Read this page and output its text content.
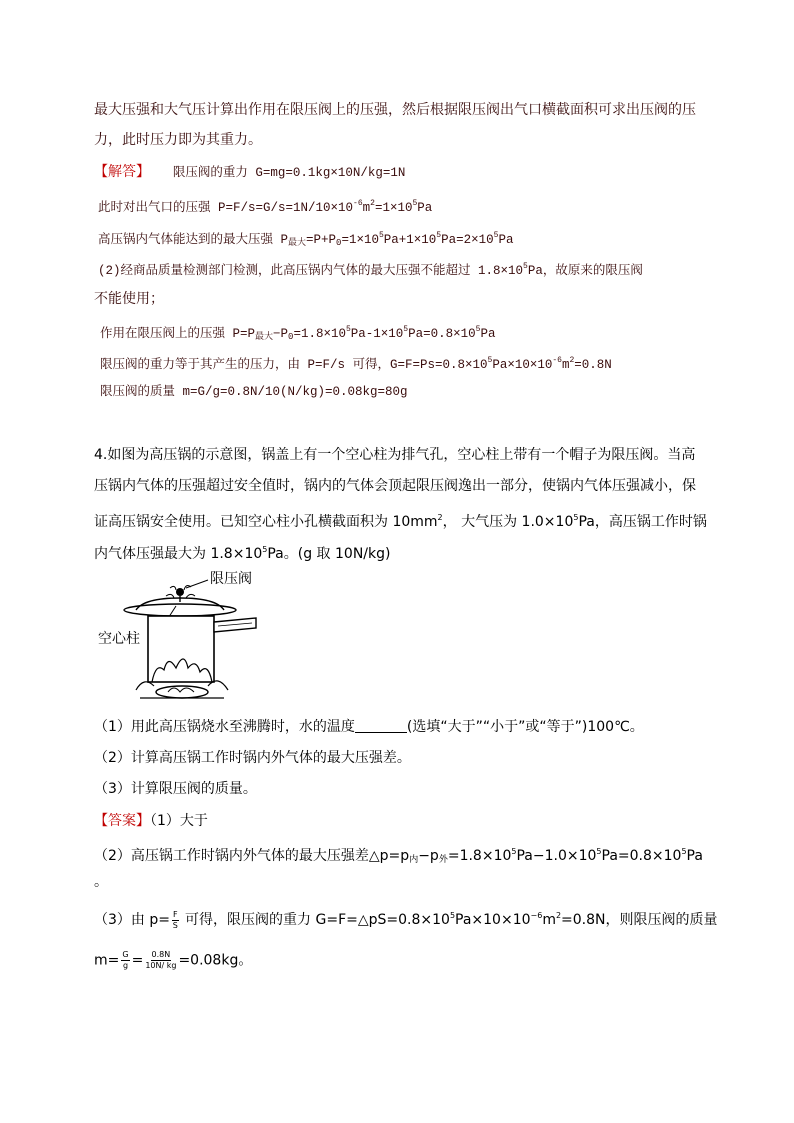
最大压强和大气压计算出作用在限压阀上的压强，然后根据限压阀出气口横截面积可求出压阀的压
力，此时压力即为其重力。
【解答】 限压阀的重力 G=mg=0.1kg×10N/kg=1N
此时对出气口的压强 $P=F/s=G/s=1N/10\times 10^{-6}m^2=1\times 10^5Pa$
高压锅内气体能达到的最大压强 $P_{最大}=P+P_0=1\times 10^5Pa+1\times 10^5Pa=2\times 10^5Pa$
(2)经商品质量检测部门检测，此高压锅内气体的最大压强不能超过 $1.8\times 10^5Pa$，故原来的限压阀
不能使用；
作用在限压阀上的压强 $P=P_{最大}-P_0=1.8\times 10^5Pa-1\times 10^5Pa=0.8\times 10^5Pa$
限压阀的重力等于其产生的压力，由 P=F/s 可得，$G=F=Ps=0.8\times 10^5Pa\times 10\times 10^{-6}m^2=0.8N$
限压阀的质量 m=G/g=0.8N/10(N/kg)=0.08kg=80g
4.如图为高压锅的示意图，锅盖上有一个空心柱为排气孔，空心柱上带有一个帽子为限压阀。当高
压锅内气体的压强超过安全值时，锅内的气体会顶起限压阀逸出一部分，使锅内气体压强减小，保
证高压锅安全使用。已知空心柱小孔横截面积为 $10mm^2$， 大气压为 $1.0\times 10^5Pa$，高压锅工作时锅
内气体压强最大为 $1.8\times 10^5Pa$。(g 取 10N/kg)
限压阀
空心柱
（1）用此高压锅烧水至沸腾时，水的温度	(选填“大于”“小于”或“等于”)100℃。
（2）计算高压锅工作时锅内外气体的最大压强差。
（3）计算限压阀的质量。
【答案】（1）大于
（2）高压锅工作时锅内外气体的最大压强差$\triangle p=p_内-p_外=1.8\times 10^5Pa-1.0\times 10^5Pa=0.8\times 10^5Pa$
。
（3）由 $p= \frac{F}{S}$ 可得，限压阀的重力 $G=F=\triangle pS=0.8\times 10^5Pa\times 10\times 10^{-6}m^2=0.8N$，则限压阀的质量
$m= \frac{G}{g} = \frac{0.8N}{10N/ kg} =0.08kg$。
